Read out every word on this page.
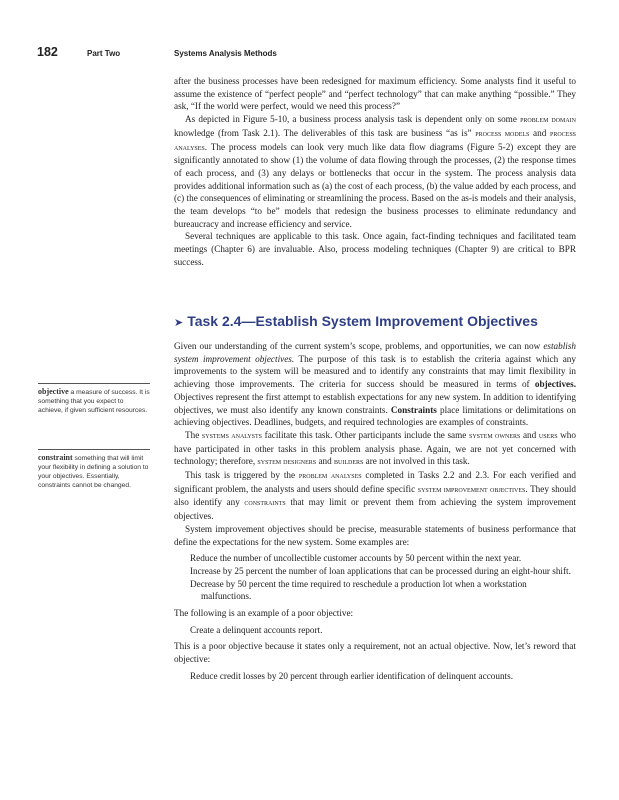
182	Part Two	Systems Analysis Methods

after the business processes have been redesigned for maximum efficiency. Some analysts find it useful to assume the existence of “perfect people” and “perfect technology” that can make anything “possible.” They ask, “If the world were perfect, would we need this process?”

As depicted in Figure 5-10, a business process analysis task is dependent only on some problem domain knowledge (from Task 2.1). The deliverables of this task are business “as is” process models and process analyses. The process models can look very much like data flow diagrams (Figure 5-2) except they are significantly annotated to show (1) the volume of data flowing through the processes, (2) the response times of each process, and (3) any delays or bottlenecks that occur in the system. The process analysis data provides additional information such as (a) the cost of each process, (b) the value added by each process, and (c) the consequences of eliminating or streamlining the process. Based on the as-is models and their analysis, the team develops “to be” models that redesign the business processes to eliminate redundancy and bureaucracy and increase efficiency and service.

Several techniques are applicable to this task. Once again, fact-finding techniques and facilitated team meetings (Chapter 6) are invaluable. Also, process modeling techniques (Chapter 9) are critical to BPR success.

➤ Task 2.4—Establish System Improvement Objectives

Given our understanding of the current system’s scope, problems, and opportunities, we can now establish system improvement objectives. The purpose of this task is to establish the criteria against which any improvements to the system will be measured and to identify any constraints that may limit flexibility in achieving those improvements. The criteria for success should be measured in terms of objectives. Objectives represent the first attempt to establish expectations for any new system. In addition to identifying objectives, we must also identify any known constraints. Constraints place limitations or delimitations on achieving objectives. Deadlines, budgets, and required technologies are examples of constraints.

The systems analysts facilitate this task. Other participants include the same system owners and users who have participated in other tasks in this problem analysis phase. Again, we are not yet concerned with technology; therefore, system designers and builders are not involved in this task.

This task is triggered by the problem analyses completed in Tasks 2.2 and 2.3. For each verified and significant problem, the analysts and users should define specific system improvement objectives. They should also identify any constraints that may limit or prevent them from achieving the system improvement objectives.

System improvement objectives should be precise, measurable statements of business performance that define the expectations for the new system. Some examples are:

Reduce the number of uncollectible customer accounts by 50 percent within the next year.
Increase by 25 percent the number of loan applications that can be processed during an eight-hour shift.
Decrease by 50 percent the time required to reschedule a production lot when a workstation malfunctions.

The following is an example of a poor objective:

Create a delinquent accounts report.

This is a poor objective because it states only a requirement, not an actual objective. Now, let’s reword that objective:

Reduce credit losses by 20 percent through earlier identification of delinquent accounts.
objective a measure of success. It is something that you expect to achieve, if given sufficient resources.
constraint something that will limit your flexibility in defining a solution to your objectives. Essentially, constraints cannot be changed.
